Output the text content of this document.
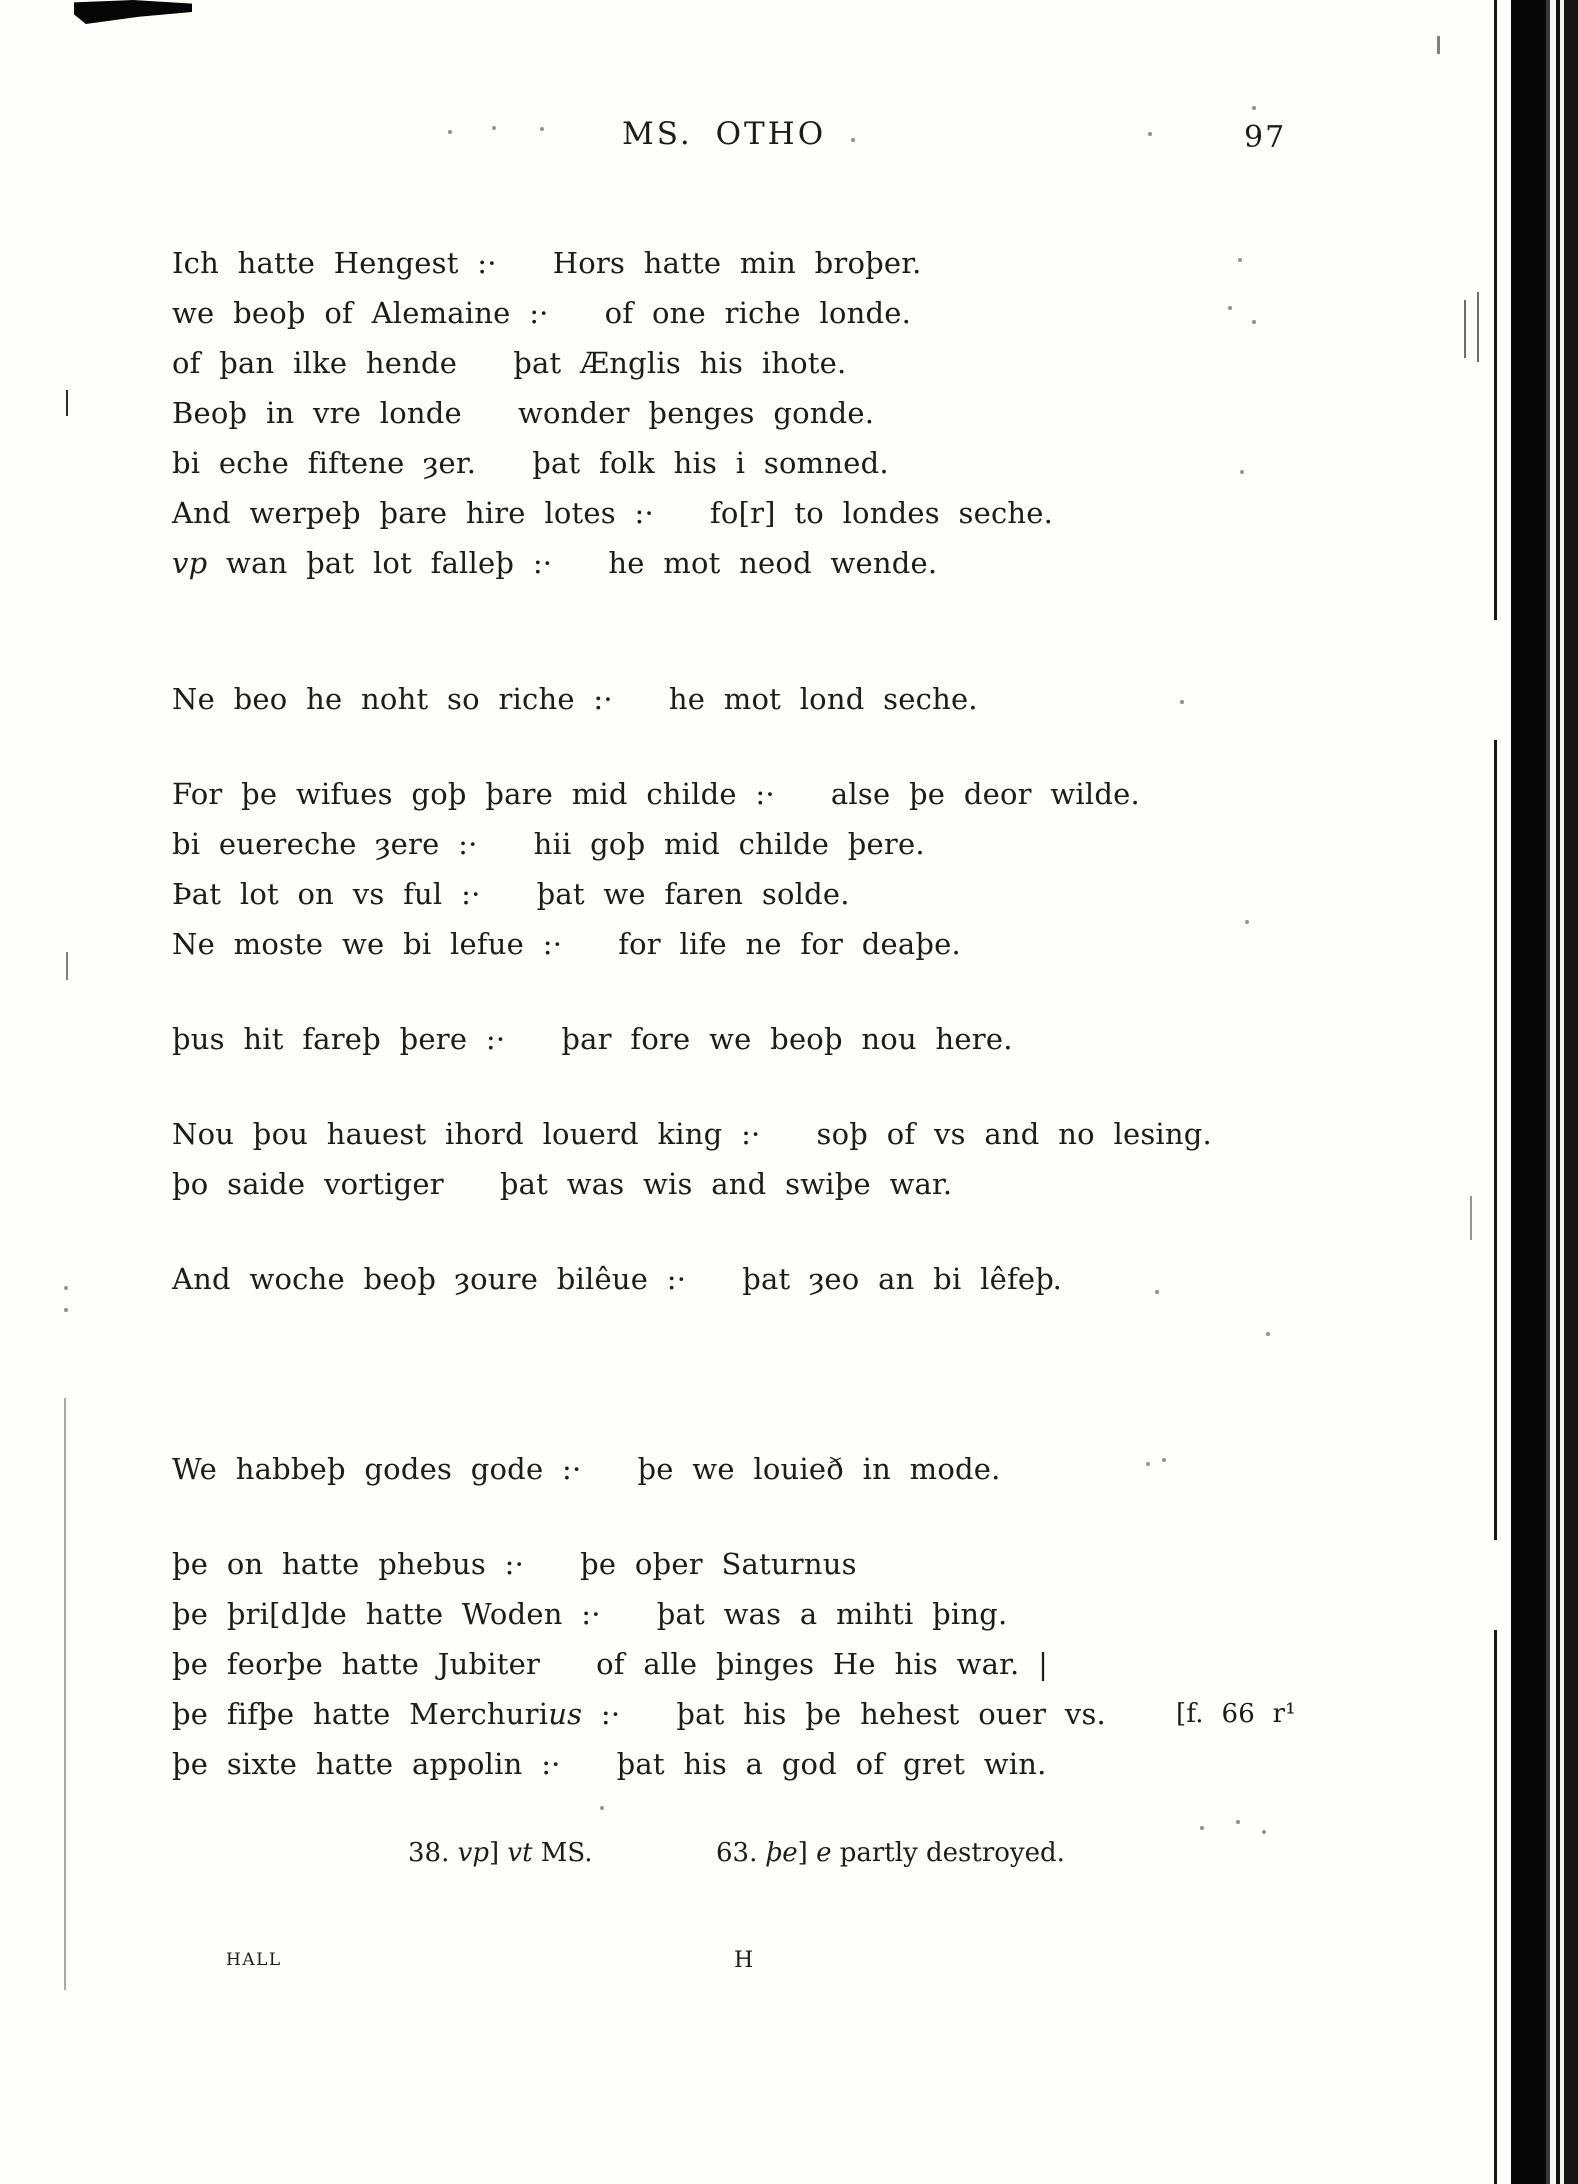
MS. OTHO	97
Ich hatte Hengest :·   Hors hatte min broþer.
we beoþ of Alemaine :·   of one riche londe.
of þan ilke hende   þat Ænglis his ihote.
Beoþ in vre londe   wonder þenges gonde.
bi eche fiftene ȝer.   þat folk his i somned.
And werpeþ þare hire lotes :·   fo[r] to londes seche.
vp wan þat lot falleþ :·   he mot neod wende.
Ne beo he noht so riche :·   he mot lond seche.
For þe wifues goþ þare mid childe :·   alse þe deor wilde.
bi euereche ȝere :·   hii goþ mid childe þere.
Þat lot on vs ful :·   þat we faren solde.
Ne moste we bi lefue :·   for life ne for deaþe.
þus hit fareþ þere :·   þar fore we beoþ nou here.
Nou þou hauest ihord louerd king :·   soþ of vs and no lesing.
þo saide vortiger   þat was wis and swiþe war.
And woche beoþ ȝoure bilêue :·   þat ȝeo an bi lêfeþ.
We habbeþ godes gode :·   þe we louieð in mode.
þe on hatte phebus :·   þe oþer Saturnus
þe þri[d]de hatte Woden :·   þat was a mihti þing.
þe feorþe hatte Jubiter   of alle þinges He his war. |
þe fifþe hatte Merchurius :·   þat his þe hehest ouer vs.	[f. 66 r¹
þe sixte hatte appolin :·   þat his a god of gret win.
38. vp] vt MS.	63. þe] e partly destroyed.
HALL	H
